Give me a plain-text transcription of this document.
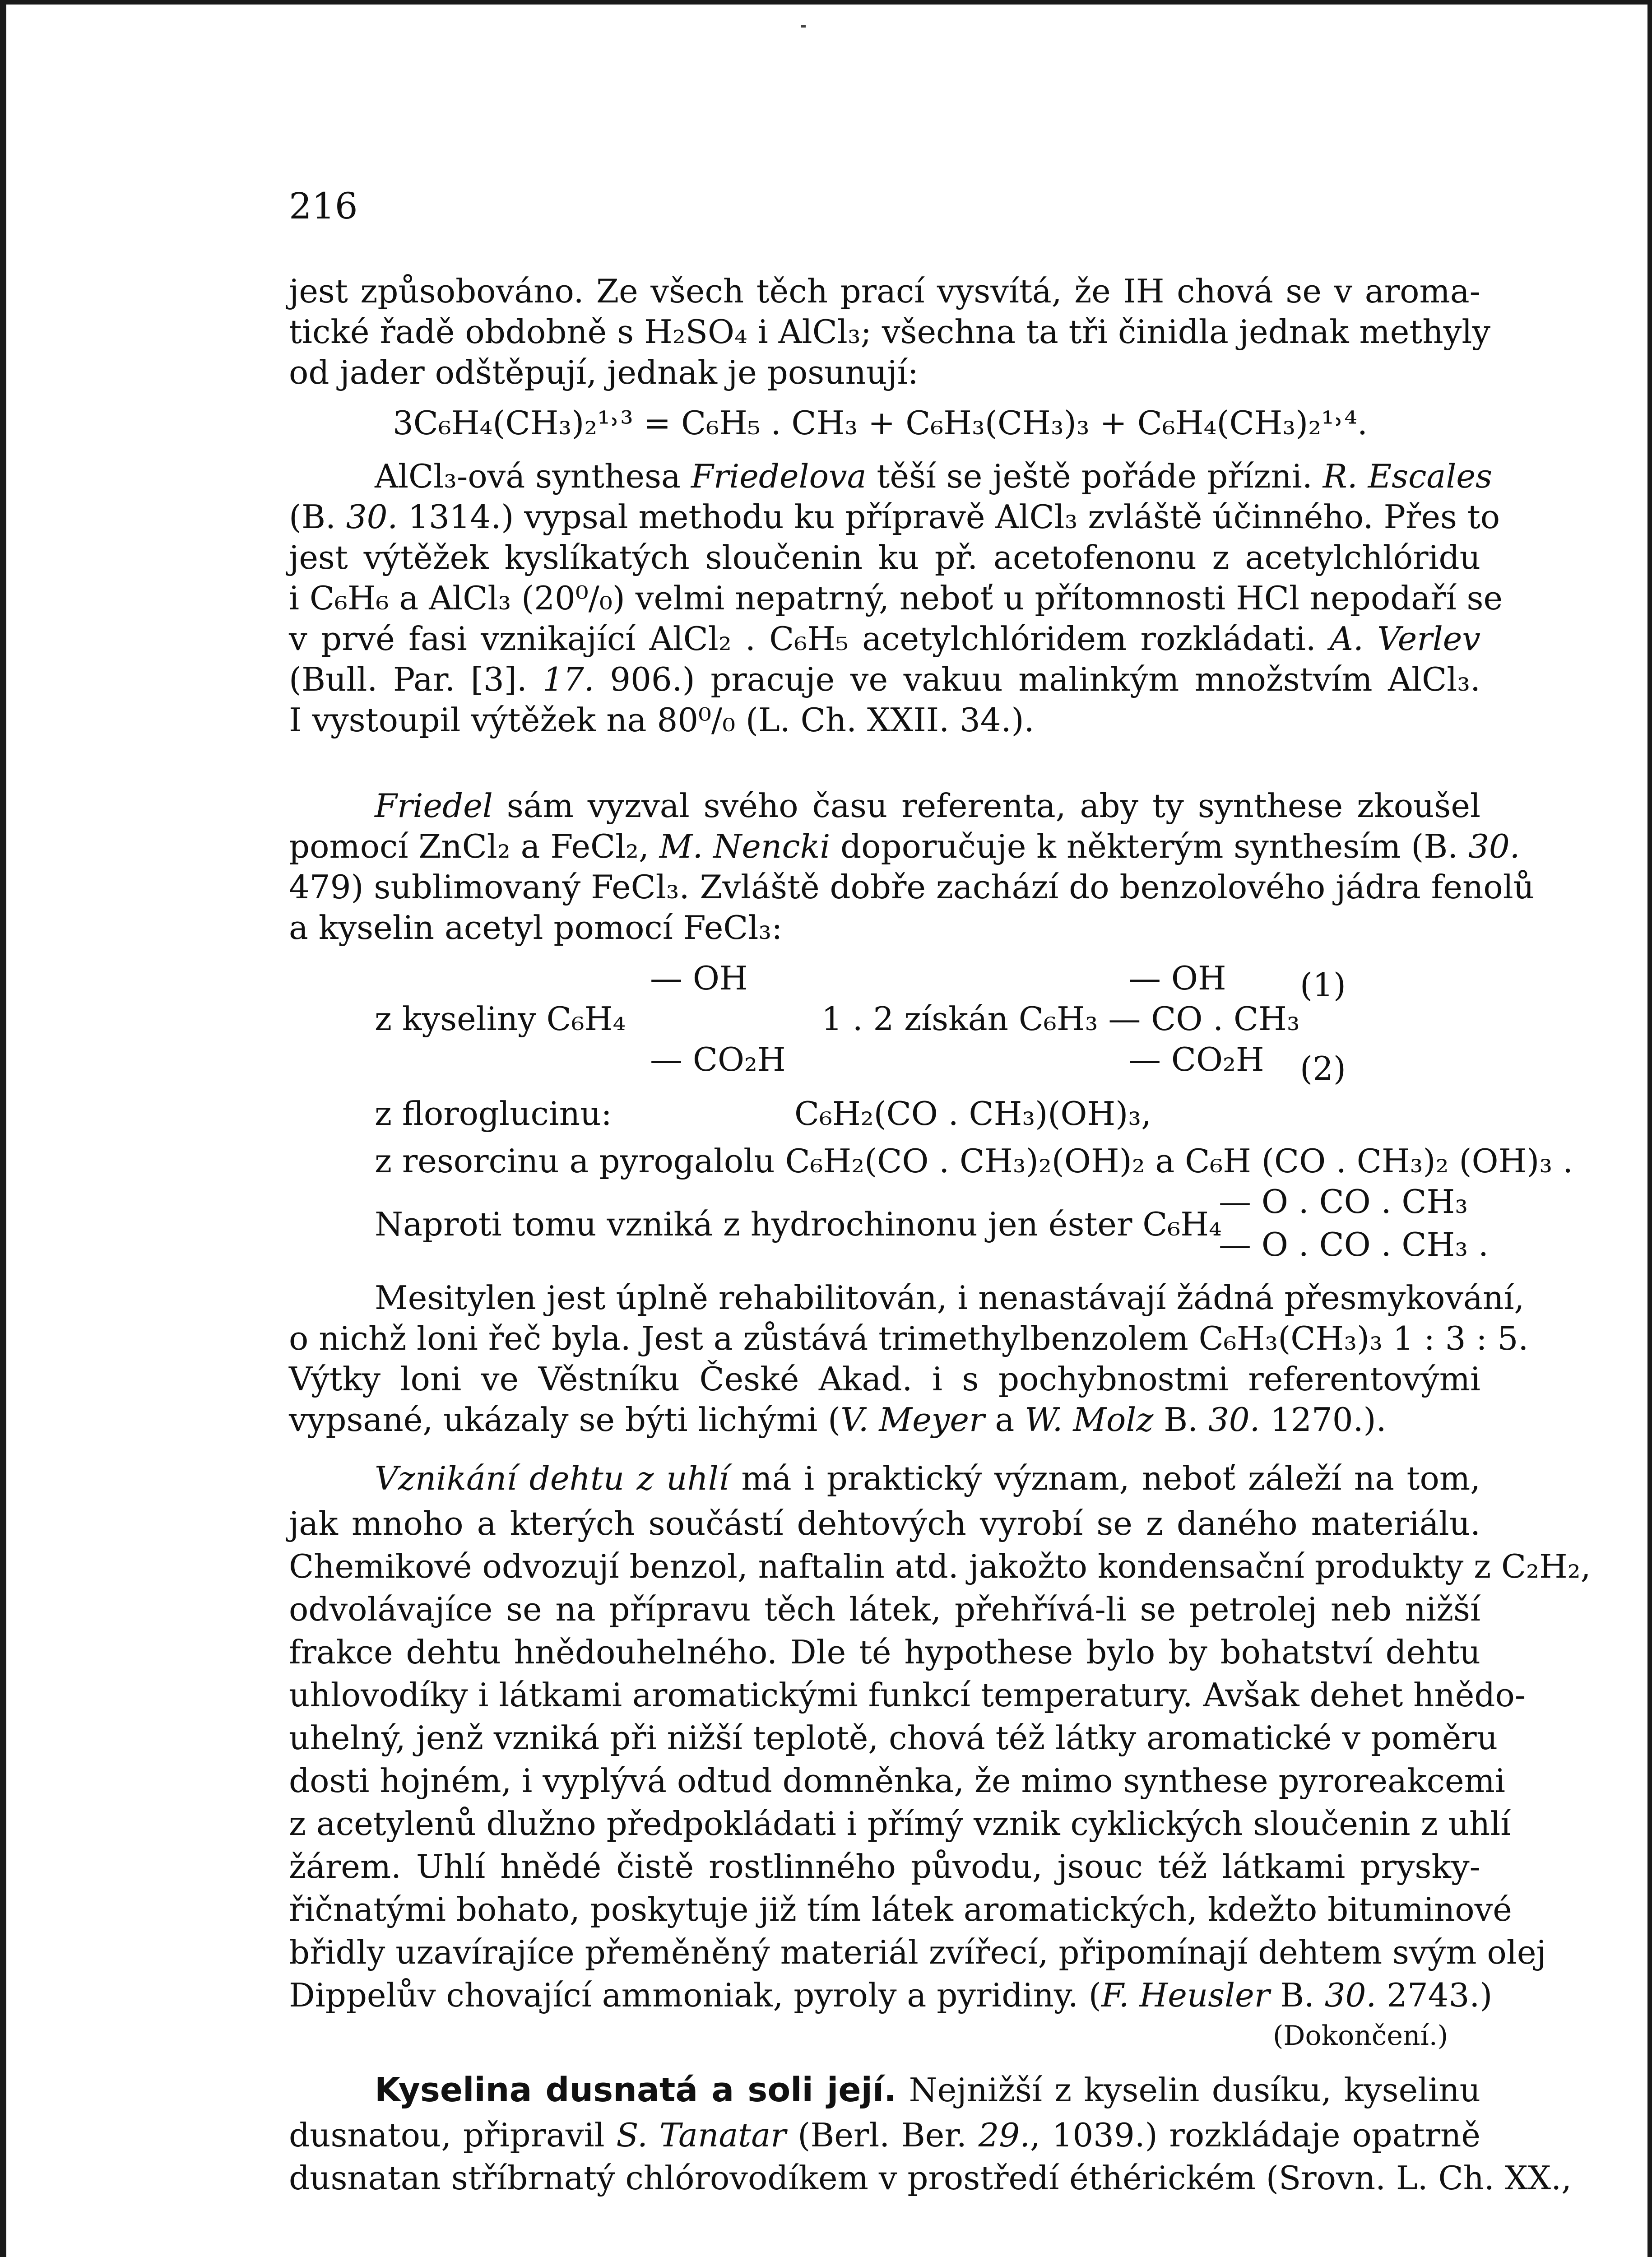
216
jest způsobováno. Ze všech těch prací vysvítá, že IH chová se v aroma-
tické řadě obdobně s H₂SO₄ i AlCl₃; všechna ta tři činidla jednak methyly
od jader odštěpují, jednak je posunují:
3C₆H₄(CH₃)₂¹˒³ = C₆H₅ . CH₃ + C₆H₃(CH₃)₃ + C₆H₄(CH₃)₂¹˒⁴.
AlCl₃-ová synthesa Friedelova těší se ještě pořáde přízni. R. Escales
(B. 30. 1314.) vypsal methodu ku přípravě AlCl₃ zvláště účinného. Přes to
jest výtěžek kyslíkatých sloučenin ku př. acetofenonu z acetylchlóridu
i C₆H₆ a AlCl₃ (20⁰/₀) velmi nepatrný, neboť u přítomnosti HCl nepodaří se
v prvé fasi vznikající AlCl₂ . C₆H₅ acetylchlóridem rozkládati. A. Verlev
(Bull. Par. [3]. 17. 906.) pracuje ve vakuu malinkým množstvím AlCl₃.
I vystoupil výtěžek na 80⁰/₀ (L. Ch. XXII. 34.).
Friedel sám vyzval svého času referenta, aby ty synthese zkoušel
pomocí ZnCl₂ a FeCl₂, M. Nencki doporučuje k některým synthesím (B. 30.
479) sublimovaný FeCl₃. Zvláště dobře zachází do benzolového jádra fenolů
a kyselin acetyl pomocí FeCl₃:
— OH	— OH (1)
z kyseliny C₆H₄	1 . 2 získán C₆H₃ — CO . CH₃
— CO₂H	— CO₂H (2)
z floroglucinu:	C₆H₂(CO . CH₃)(OH)₃,
z resorcinu a pyrogalolu C₆H₂(CO . CH₃)₂(OH)₂ a C₆H (CO . CH₃)₂ (OH)₃ .
Naproti tomu vzniká z hydrochinonu jen éster C₆H₄
— O . CO . CH₃
— O . CO . CH₃ .
Mesitylen jest úplně rehabilitován, i nenastávají žádná přesmykování,
o nichž loni řeč byla. Jest a zůstává trimethylbenzolem C₆H₃(CH₃)₃ 1 : 3 : 5.
Výtky loni ve Věstníku České Akad. i s pochybnostmi referentovými
vypsané, ukázaly se býti lichými (V. Meyer a W. Molz B. 30. 1270.).
Vznikání dehtu z uhlí má i praktický význam, neboť záleží na tom,
jak mnoho a kterých součástí dehtových vyrobí se z daného materiálu.
Chemikové odvozují benzol, naftalin atd. jakožto kondensační produkty z C₂H₂,
odvolávajíce se na přípravu těch látek, přehřívá-li se petrolej neb nižší
frakce dehtu hnědouhelného. Dle té hypothese bylo by bohatství dehtu
uhlovodíky i látkami aromatickými funkcí temperatury. Avšak dehet hnědo-
uhelný, jenž vzniká při nižší teplotě, chová též látky aromatické v poměru
dosti hojném, i vyplývá odtud domněnka, že mimo synthese pyroreakcemi
z acetylenů dlužno předpokládati i přímý vznik cyklických sloučenin z uhlí
žárem. Uhlí hnědé čistě rostlinného původu, jsouc též látkami prysky-
řičnatými bohato, poskytuje již tím látek aromatických, kdežto bituminové
břidly uzavírajíce přeměněný materiál zvířecí, připomínají dehtem svým olej
Dippelův chovající ammoniak, pyroly a pyridiny. (F. Heusler B. 30. 2743.)
(Dokončení.)
Kyselina dusnatá a soli její. Nejnižší z kyselin dusíku, kyselinu
dusnatou, připravil S. Tanatar (Berl. Ber. 29., 1039.) rozkládaje opatrně
dusnatan stříbrnatý chlórovodíkem v prostředí éthérickém (Srovn. L. Ch. XX.,
